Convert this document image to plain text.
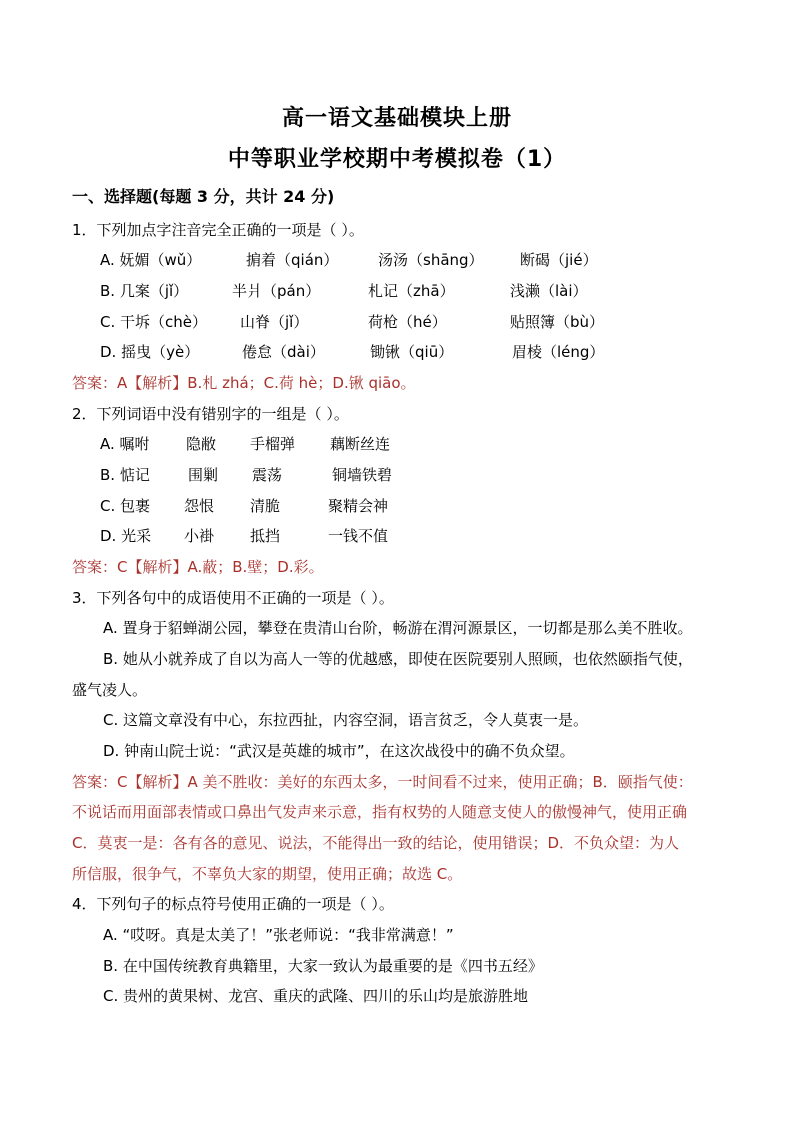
高一语文基础模块上册
中等职业学校期中考模拟卷（1）
一、选择题(每题 3 分，共计 24 分)
1．下列加点字注音完全正确的一项是（ ）。
A. 妩媚（wǔ）	掮着（qián）	汤汤（shāng） 断碣（jié）
B. 几案（jǐ）	半爿（pán）	札记（zhā）	浅濑（lài）
C. 干坼（chè） 山脊（jǐ）	荷枪（hé）	贴照簿（bù）
D. 摇曳（yè）	倦怠（dài）	锄锹（qiū）	眉棱（léng）
答案：A【解析】B.札 zhá；C.荷 hè；D.锹 qiāo。
2．下列词语中没有错别字的一组是（ ）。
A. 嘱咐 隐敝 手榴弹 藕断丝连
B. 惦记	围剿 震荡	铜墙铁碧
C. 包裹 怨恨 清脆	聚精会神
D. 光采 小褂 抵挡	一钱不值
答案：C【解析】A.蔽；B.壁；D.彩。
3．下列各句中的成语使用不正确的一项是（ ）。
A. 置身于貂蝉湖公园，攀登在贵清山台阶，畅游在渭河源景区，一切都是那么美不胜收。
B. 她从小就养成了自以为高人一等的优越感，即使在医院要别人照顾，也依然颐指气使，
盛气凌人。
C. 这篇文章没有中心，东拉西扯，内容空洞，语言贫乏，令人莫衷一是。
D. 钟南山院士说：“武汉是英雄的城市”，在这次战役中的确不负众望。
答案：C【解析】A 美不胜收：美好的东西太多，一时间看不过来，使用正确；B．颐指气使：
不说话而用面部表情或口鼻出气发声来示意，指有权势的人随意支使人的傲慢神气，使用正确
C．莫衷一是：各有各的意见、说法，不能得出一致的结论，使用错误；D．不负众望：为人
所信服，很争气，不辜负大家的期望，使用正确；故选 C。
4．下列句子的标点符号使用正确的一项是（ ）。
A. “哎呀。真是太美了！”张老师说：“我非常满意！”
B. 在中国传统教育典籍里，大家一致认为最重要的是《四书五经》
C. 贵州的黄果树、龙宫、重庆的武隆、四川的乐山均是旅游胜地
